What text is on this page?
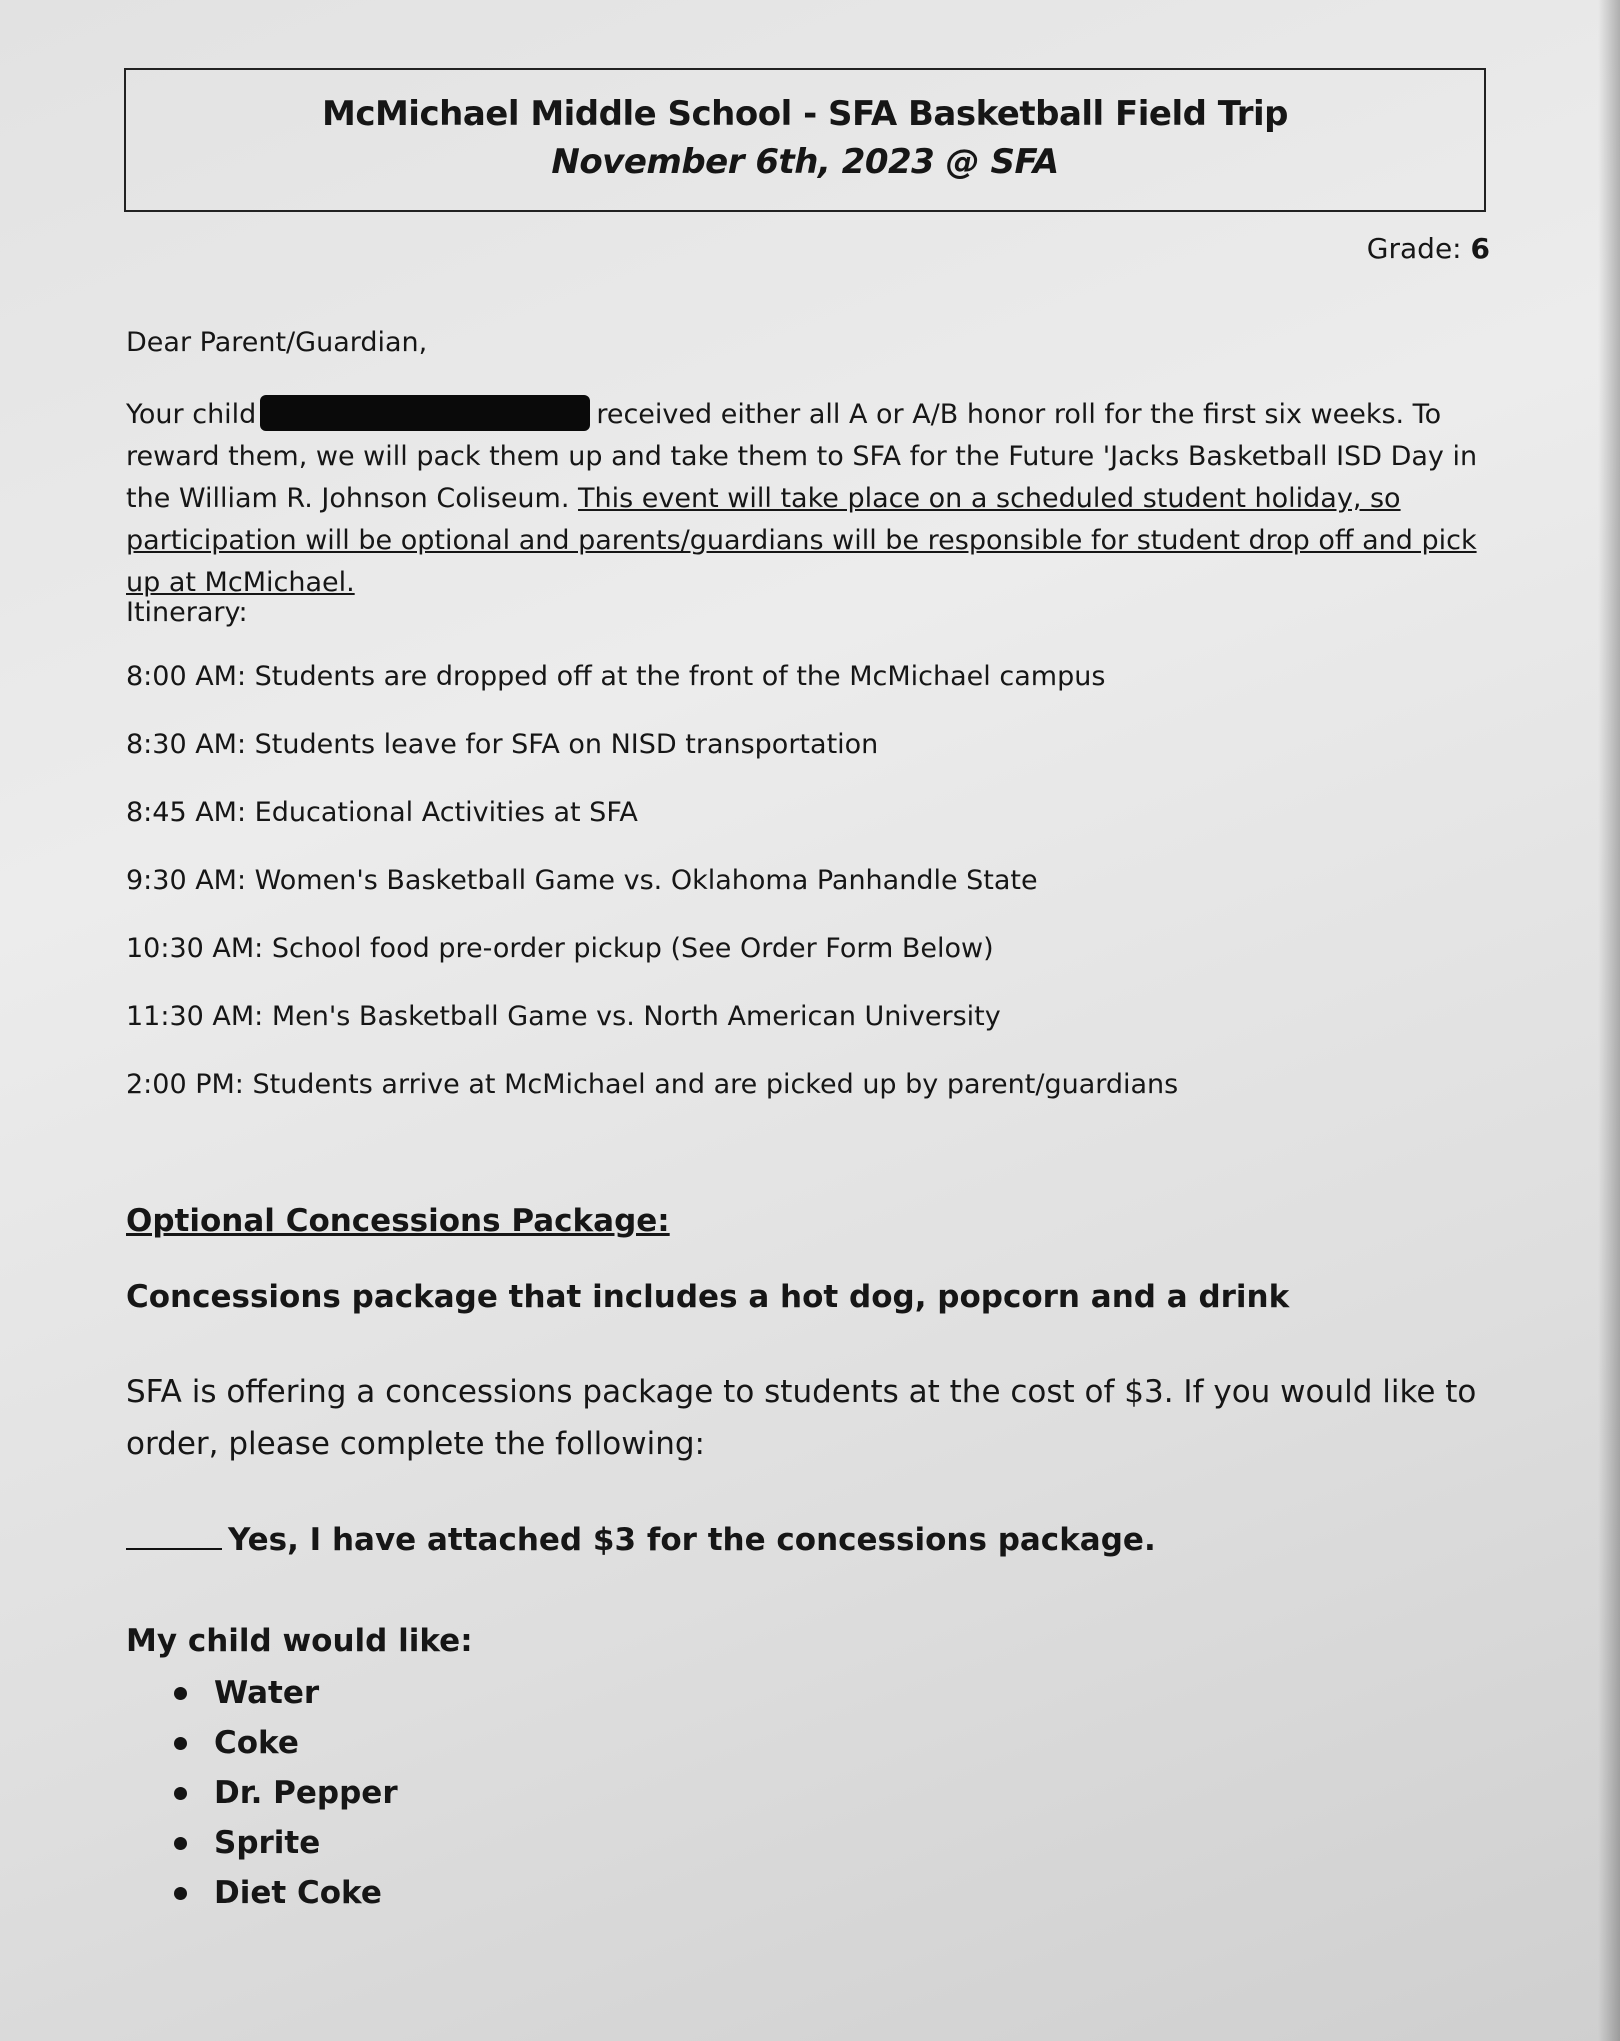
McMichael Middle School - SFA Basketball Field Trip
November 6th, 2023 @ SFA
Grade: 6
Dear Parent/Guardian,
Your child	received either all A or A/B honor roll for the first six weeks. To reward them, we will pack them up and take them to SFA for the Future 'Jacks Basketball ISD Day in the William R. Johnson Coliseum. This event will take place on a scheduled student holiday, so participation will be optional and parents/guardians will be responsible for student drop off and pick up at McMichael.
Itinerary:
8:00 AM: Students are dropped off at the front of the McMichael campus
8:30 AM: Students leave for SFA on NISD transportation
8:45 AM: Educational Activities at SFA
9:30 AM: Women's Basketball Game vs. Oklahoma Panhandle State
10:30 AM: School food pre-order pickup (See Order Form Below)
11:30 AM: Men's Basketball Game vs. North American University
2:00 PM: Students arrive at McMichael and are picked up by parent/guardians
Optional Concessions Package:
Concessions package that includes a hot dog, popcorn and a drink
SFA is offering a concessions package to students at the cost of $3. If you would like to order, please complete the following:
Yes, I have attached $3 for the concessions package.
My child would like:
Water
Coke
Dr. Pepper
Sprite
Diet Coke
